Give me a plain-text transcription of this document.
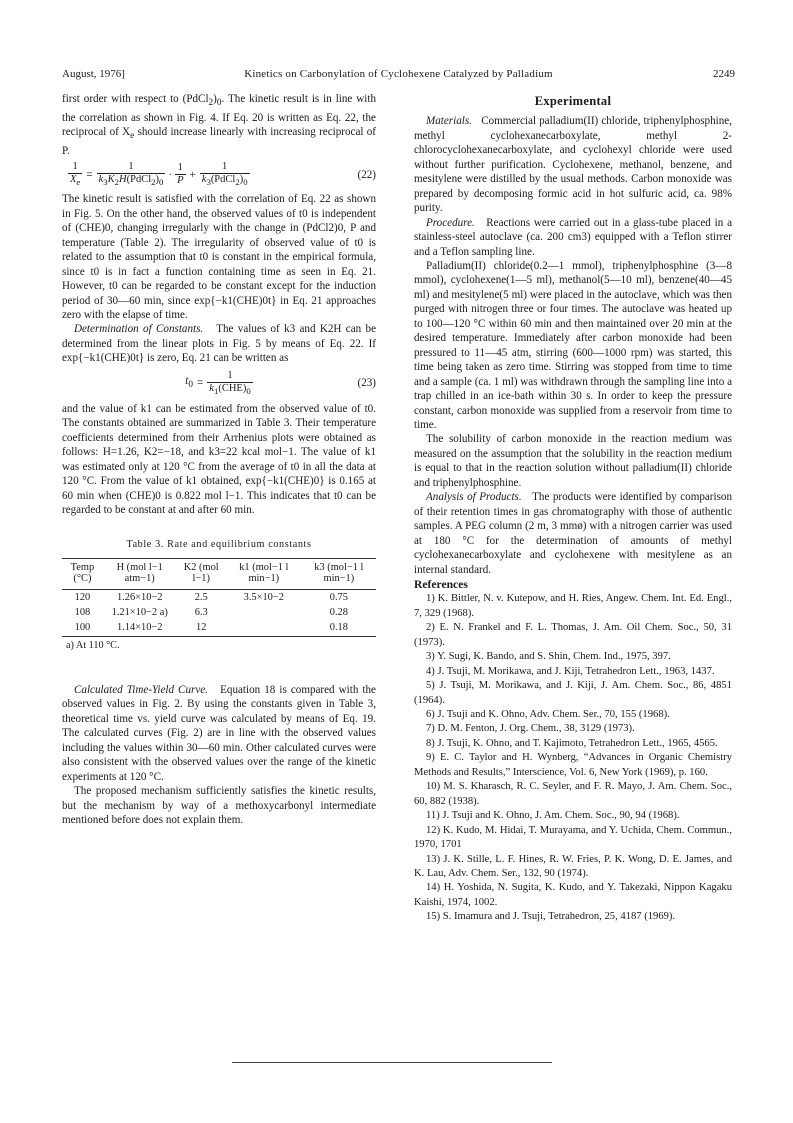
August, 1976]	Kinetics on Carbonylation of Cyclohexene Catalyzed by Palladium	2249

first order with respect to $(PdCl_2)_0$. The kinetic result is in line with the correlation as shown in Fig. 4. If Eq. 20 is written as Eq. 22, the reciprocal of $X_e$ should increase linearly with increasing reciprocal of P.

$\frac{1}{X_e} = \frac{1}{k_3K_2H(PdCl_2)_0} \cdot \frac{1}{P} + \frac{1}{k_3(PdCl_2)_0}$	(22)

The kinetic result is satisfied with the correlation of Eq. 22 as shown in Fig. 5. On the other hand, the observed values of t0 is independent of (CHE)0, changing irregularly with the change in (PdCl2)0, P and temperature (Table 2). The irregularity of observed value of t0 is related to the assumption that t0 is constant in the empirical formula, since t0 is in fact a function containing time as seen in Eq. 21. However, t0 can be regarded to be constant except for the induction period of 30—60 min, since exp{−k1(CHE)0t} in Eq. 21 approaches zero with the elapse of time.

Determination of Constants. The values of k3 and K2H can be determined from the linear plots in Fig. 5 by means of Eq. 22. If exp{−k1(CHE)0t} is zero, Eq. 21 can be written as

$t_0 = \frac{1}{k_1(CHE)_0}$	(23)

and the value of k1 can be estimated from the observed value of t0. The constants obtained are summarized in Table 3. Their temperature coefficients determined from their Arrhenius plots were obtained as follows: H=1.26, K2=−18, and k3=22 kcal mol−1. The value of k1 was estimated only at 120 °C from the average of t0 in all the data at 120 °C. From the value of k1 obtained, exp{−k1(CHE)0} is 0.165 at 60 min when (CHE)0 is 0.822 mol l−1. This indicates that t0 can be regarded to be constant at and after 60 min.

Table 3. Rate and equilibrium constants
Temp (°C)	H (mol l−1 atm−1)	K2 (mol l−1)	k1 (mol−1 l min−1)	k3 (mol−1 l min−1)
120	1.26×10−2	2.5	3.5×10−2	0.75
108	1.21×10−2 a)	6.3		0.28
100	1.14×10−2	12		0.18
a) At 110 °C.

Calculated Time-Yield Curve. Equation 18 is compared with the observed values in Fig. 2. By using the constants given in Table 3, theoretical time vs. yield curve was calculated by means of Eq. 19. The calculated curves (Fig. 2) are in line with the observed values including the values within 30—60 min. Other calculated curves were also consistent with the observed values over the range of the kinetic experiments at 120 °C.

The proposed mechanism sufficiently satisfies the kinetic results, but the mechanism by way of a methoxycarbonyl intermediate mentioned before does not explain them.

Experimental

Materials. Commercial palladium(II) chloride, triphenylphosphine, methyl cyclohexanecarboxylate, methyl 2-chlorocyclohexanecarboxylate, and cyclohexyl chloride were used without further purification. Cyclohexene, methanol, benzene, and mesitylene were distilled by the usual methods. Carbon monoxide was prepared by decomposing formic acid in hot sulfuric acid, ca. 98% purity.

Procedure. Reactions were carried out in a glass-tube placed in a stainless-steel autoclave (ca. 200 cm3) equipped with a Teflon stirrer and a Teflon sampling line.

Palladium(II) chloride(0.2—1 mmol), triphenylphosphine (3—8 mmol), cyclohexene(1—5 ml), methanol(5—10 ml), benzene(40—45 ml) and mesitylene(5 ml) were placed in the autoclave, which was then purged with nitrogen three or four times. The autoclave was heated up to 100—120 °C within 60 min and then maintained over 20 min at the desired temperature. Immediately after carbon monoxide had been pressured to 11—45 atm, stirring (600—1000 rpm) was started, this time being taken as zero time. Stirring was stopped from time to time and a sample (ca. 1 ml) was withdrawn through the sampling line into a trap chilled in an ice-bath within 30 s. In order to keep the pressure constant, carbon monoxide was supplied from a reservoir from time to time.

The solubility of carbon monoxide in the reaction medium was measured on the assumption that the solubility in the reaction medium is equal to that in the reaction solution without palladium(II) chloride and triphenylphosphine.

Analysis of Products. The products were identified by comparison of their retention times in gas chromatography with those of authentic samples. A PEG column (2 m, 3 mmø) with a nitrogen carrier was used at 180 °C for the determination of amounts of methyl cyclohexanecarboxylate and cyclohexene with mesitylene as an internal standard.

References

1) K. Bittler, N. v. Kutepow, and H. Ries, Angew. Chem. Int. Ed. Engl., 7, 329 (1968).

2) E. N. Frankel and F. L. Thomas, J. Am. Oil Chem. Soc., 50, 31 (1973).

3) Y. Sugi, K. Bando, and S. Shin, Chem. Ind., 1975, 397.

4) J. Tsuji, M. Morikawa, and J. Kiji, Tetrahedron Lett., 1963, 1437.

5) J. Tsuji, M. Morikawa, and J. Kiji, J. Am. Chem. Soc., 86, 4851 (1964).

6) J. Tsuji and K. Ohno, Adv. Chem. Ser., 70, 155 (1968).

7) D. M. Fenton, J. Org. Chem., 38, 3129 (1973).

8) J. Tsuji, K. Ohno, and T. Kajimoto, Tetrahedron Lett., 1965, 4565.

9) E. C. Taylor and H. Wynberg, “Advances in Organic Chemistry Methods and Results,” Interscience, Vol. 6, New York (1969), p. 160.

10) M. S. Kharasch, R. C. Seyler, and F. R. Mayo, J. Am. Chem. Soc., 60, 882 (1938).

11) J. Tsuji and K. Ohno, J. Am. Chem. Soc., 90, 94 (1968).

12) K. Kudo, M. Hidai, T. Murayama, and Y. Uchida, Chem. Commun., 1970, 1701

13) J. K. Stille, L. F. Hines, R. W. Fries, P. K. Wong, D. E. James, and K. Lau, Adv. Chem. Ser., 132, 90 (1974).

14) H. Yoshida, N. Sugita, K. Kudo, and Y. Takezaki, Nippon Kagaku Kaishi, 1974, 1002.

15) S. Imamura and J. Tsuji, Tetrahedron, 25, 4187 (1969).
